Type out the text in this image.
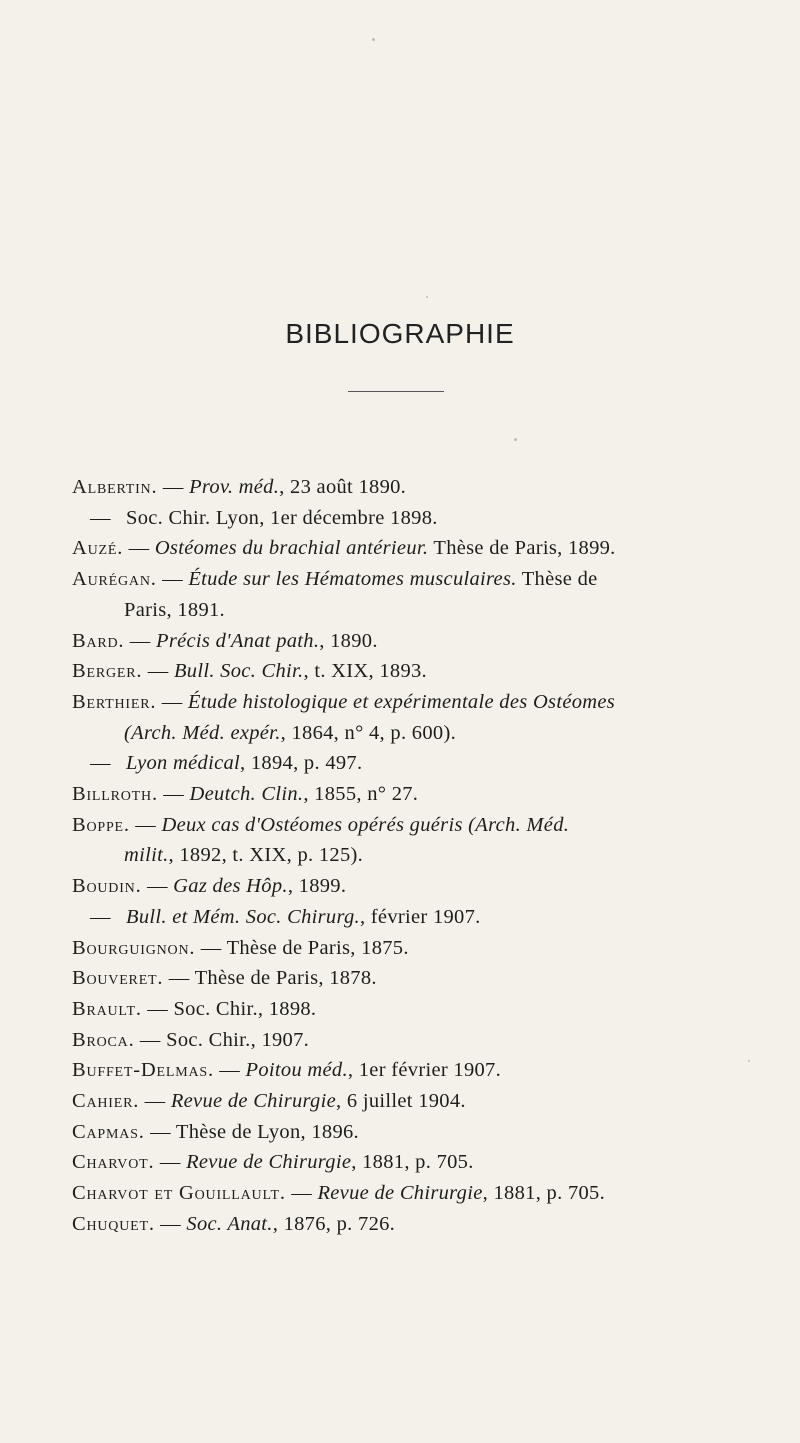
BIBLIOGRAPHIE
Albertin. — Prov. méd., 23 août 1890.
— Soc. Chir. Lyon, 1er décembre 1898.
Auzé. — Ostéomes du brachial antérieur. Thèse de Paris, 1899.
Aurégan. — Étude sur les Hématomes musculaires. Thèse de
Paris, 1891.
Bard. — Précis d'Anat path., 1890.
Berger. — Bull. Soc. Chir., t. XIX, 1893.
Berthier. — Étude histologique et expérimentale des Ostéomes
(Arch. Méd. expér., 1864, n° 4, p. 600).
— Lyon médical, 1894, p. 497.
Billroth. — Deutch. Clin., 1855, n° 27.
Boppe. — Deux cas d'Ostéomes opérés guéris (Arch. Méd.
milit., 1892, t. XIX, p. 125).
Boudin. — Gaz des Hôp., 1899.
— Bull. et Mém. Soc. Chirurg., février 1907.
Bourguignon. — Thèse de Paris, 1875.
Bouveret. — Thèse de Paris, 1878.
Brault. — Soc. Chir., 1898.
Broca. — Soc. Chir., 1907.
Buffet-Delmas. — Poitou méd., 1er février 1907.
Cahier. — Revue de Chirurgie, 6 juillet 1904.
Capmas. — Thèse de Lyon, 1896.
Charvot. — Revue de Chirurgie, 1881, p. 705.
Charvot et Gouillault. — Revue de Chirurgie, 1881, p. 705.
Chuquet. — Soc. Anat., 1876, p. 726.
